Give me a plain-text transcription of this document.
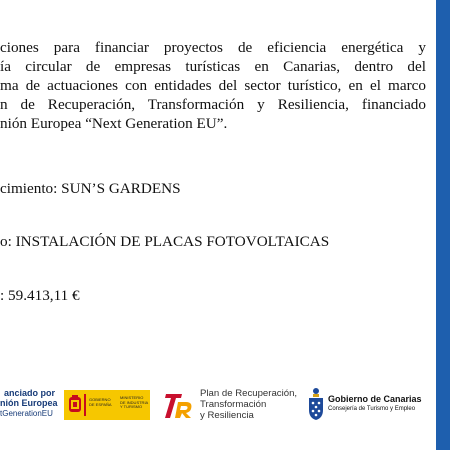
ciones para financiar proyectos de eficiencia energética y
ía circular de empresas turísticas en Canarias, dentro del
ma de actuaciones con entidades del sector turístico, en el marco
n de Recuperación, Transformación y Resiliencia, financiado
nión Europea “Next Generation EU”.
cimiento: SUN’S GARDENS
o: INSTALACIÓN DE PLACAS FOTOVOLTAICAS
: 59.413,11 €
anciado por
nión Europea
tGenerationEU
GOBIERNO
DE ESPAÑA
MINISTERIO
DE INDUSTRIA
Y TURISMO
Plan de Recuperación,
Transformación
y Resiliencia
Gobierno de Canarias
Consejería de Turismo y Empleo
